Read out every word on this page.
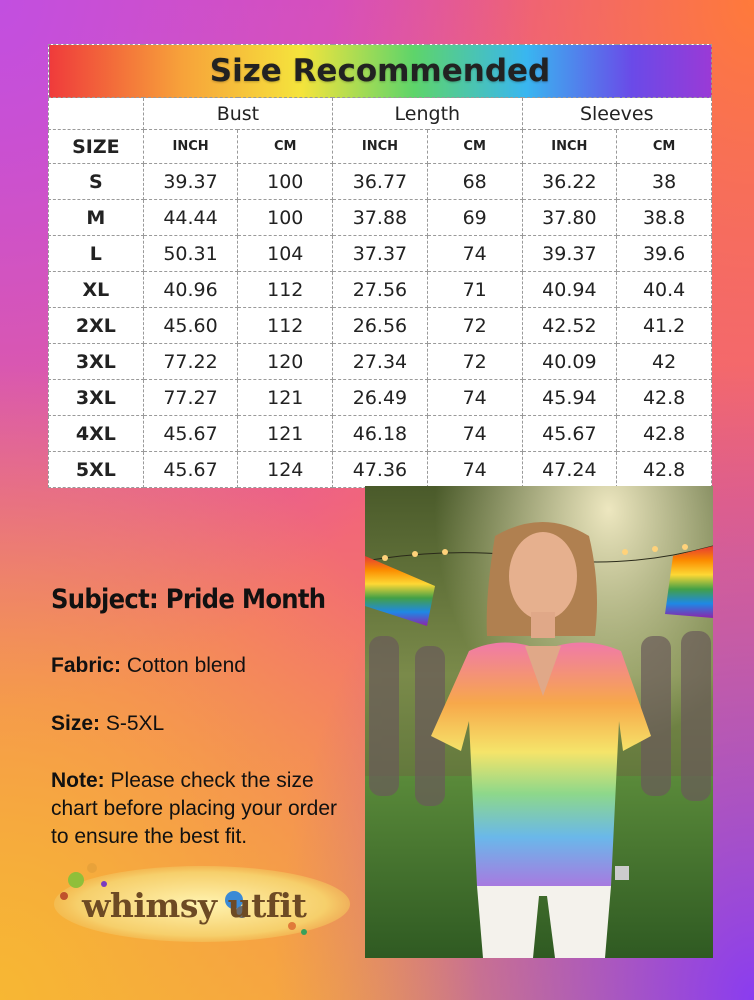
Size Recommended						
	Bust		Length		Sleeves	
SIZE	INCH	CM	INCH	CM	INCH	CM
S	39.37	100	36.77	68	36.22	38
M	44.44	100	37.88	69	37.80	38.8
L	50.31	104	37.37	74	39.37	39.6
XL	40.96	112	27.56	71	40.94	40.4
2XL	45.60	112	26.56	72	42.52	41.2
3XL	77.22	120	27.34	72	40.09	42
3XL	77.27	121	26.49	74	45.94	42.8
4XL	45.67	121	46.18	74	45.67	42.8
5XL	45.67	124	47.36	74	47.24	42.8
Subject: Pride Month
Fabric: Cotton blend
Size: S-5XL
Note: Please check the size chart before placing your order to ensure the best fit.
whimsy utfit
